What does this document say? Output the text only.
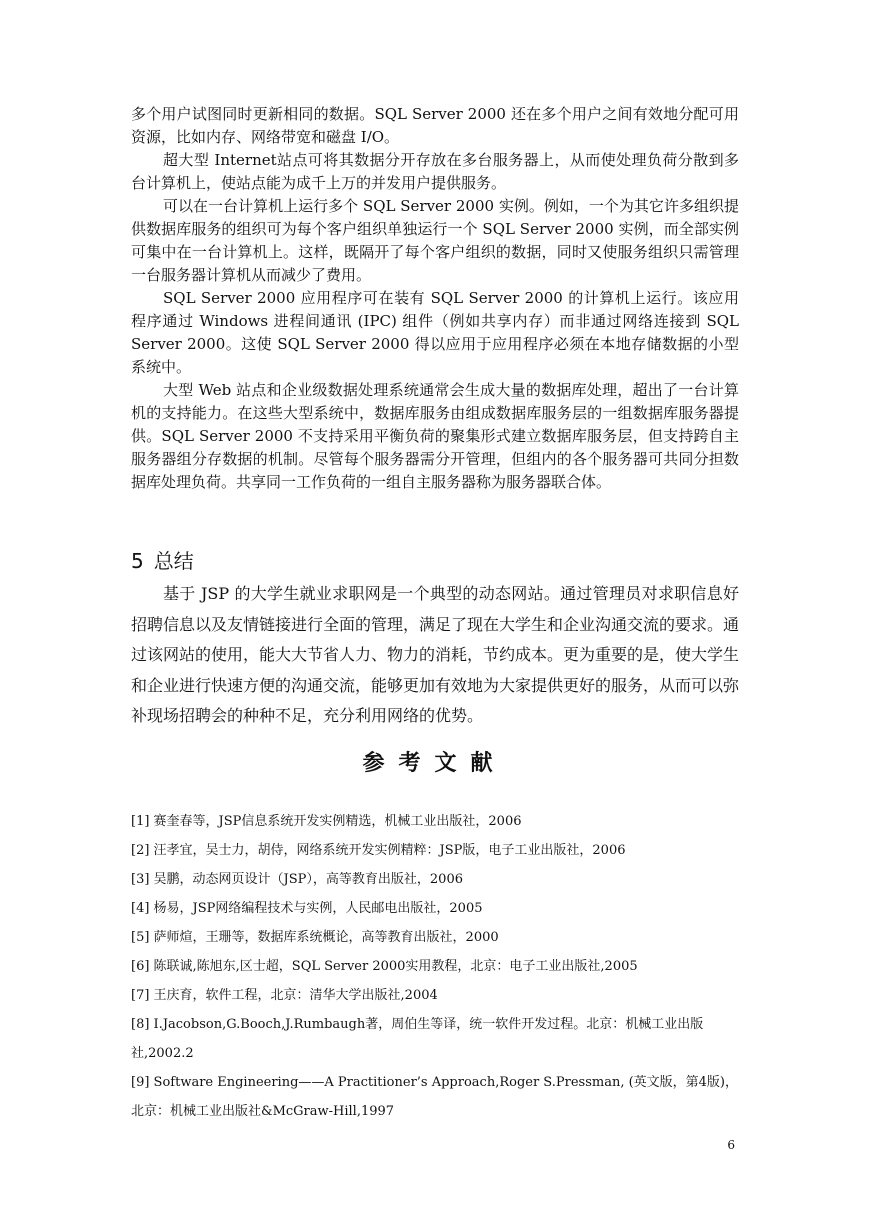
多个用户试图同时更新相同的数据。SQL Server 2000 还在多个用户之间有效地分配可用资源，比如内存、网络带宽和磁盘 I/O。

超大型 Internet站点可将其数据分开存放在多台服务器上，从而使处理负荷分散到多台计算机上，使站点能为成千上万的并发用户提供服务。

可以在一台计算机上运行多个 SQL Server 2000 实例。例如，一个为其它许多组织提供数据库服务的组织可为每个客户组织单独运行一个 SQL Server 2000 实例，而全部实例可集中在一台计算机上。这样，既隔开了每个客户组织的数据，同时又使服务组织只需管理一台服务器计算机从而减少了费用。

SQL Server 2000 应用程序可在装有 SQL Server 2000 的计算机上运行。该应用程序通过 Windows 进程间通讯 (IPC) 组件（例如共享内存）而非通过网络连接到 SQL Server 2000。这使 SQL Server 2000 得以应用于应用程序必须在本地存储数据的小型系统中。

大型 Web 站点和企业级数据处理系统通常会生成大量的数据库处理，超出了一台计算机的支持能力。在这些大型系统中，数据库服务由组成数据库服务层的一组数据库服务器提供。SQL Server 2000 不支持采用平衡负荷的聚集形式建立数据库服务层，但支持跨自主服务器组分存数据的机制。尽管每个服务器需分开管理，但组内的各个服务器可共同分担数据库处理负荷。共享同一工作负荷的一组自主服务器称为服务器联合体。

5 总结

基于 JSP 的大学生就业求职网是一个典型的动态网站。通过管理员对求职信息好招聘信息以及友情链接进行全面的管理，满足了现在大学生和企业沟通交流的要求。通过该网站的使用，能大大节省人力、物力的消耗，节约成本。更为重要的是，使大学生和企业进行快速方便的沟通交流，能够更加有效地为大家提供更好的服务，从而可以弥补现场招聘会的种种不足，充分利用网络的优势。

参考文献

[1] 赛奎春等，JSP信息系统开发实例精选，机械工业出版社，2006

[2] 汪孝宜，吴士力，胡侍，网络系统开发实例精粹：JSP版，电子工业出版社，2006

[3] 吴鹏，动态网页设计（JSP），高等教育出版社，2006

[4] 杨易，JSP网络编程技术与实例，人民邮电出版社，2005

[5] 萨师煊，王珊等，数据库系统概论，高等教育出版社，2000

[6] 陈联诚,陈旭东,区士超，SQL Server 2000实用教程，北京：电子工业出版社,2005

[7] 王庆育，软件工程，北京：清华大学出版社,2004

[8] I.Jacobson,G.Booch,J.Rumbaugh著，周伯生等译，统一软件开发过程。北京：机械工业出版社,2002.2

[9] Software Engineering——A Practitioner’s Approach,Roger S.Pressman, (英文版，第4版)，北京：机械工业出版社&McGraw-Hill,1997

6
